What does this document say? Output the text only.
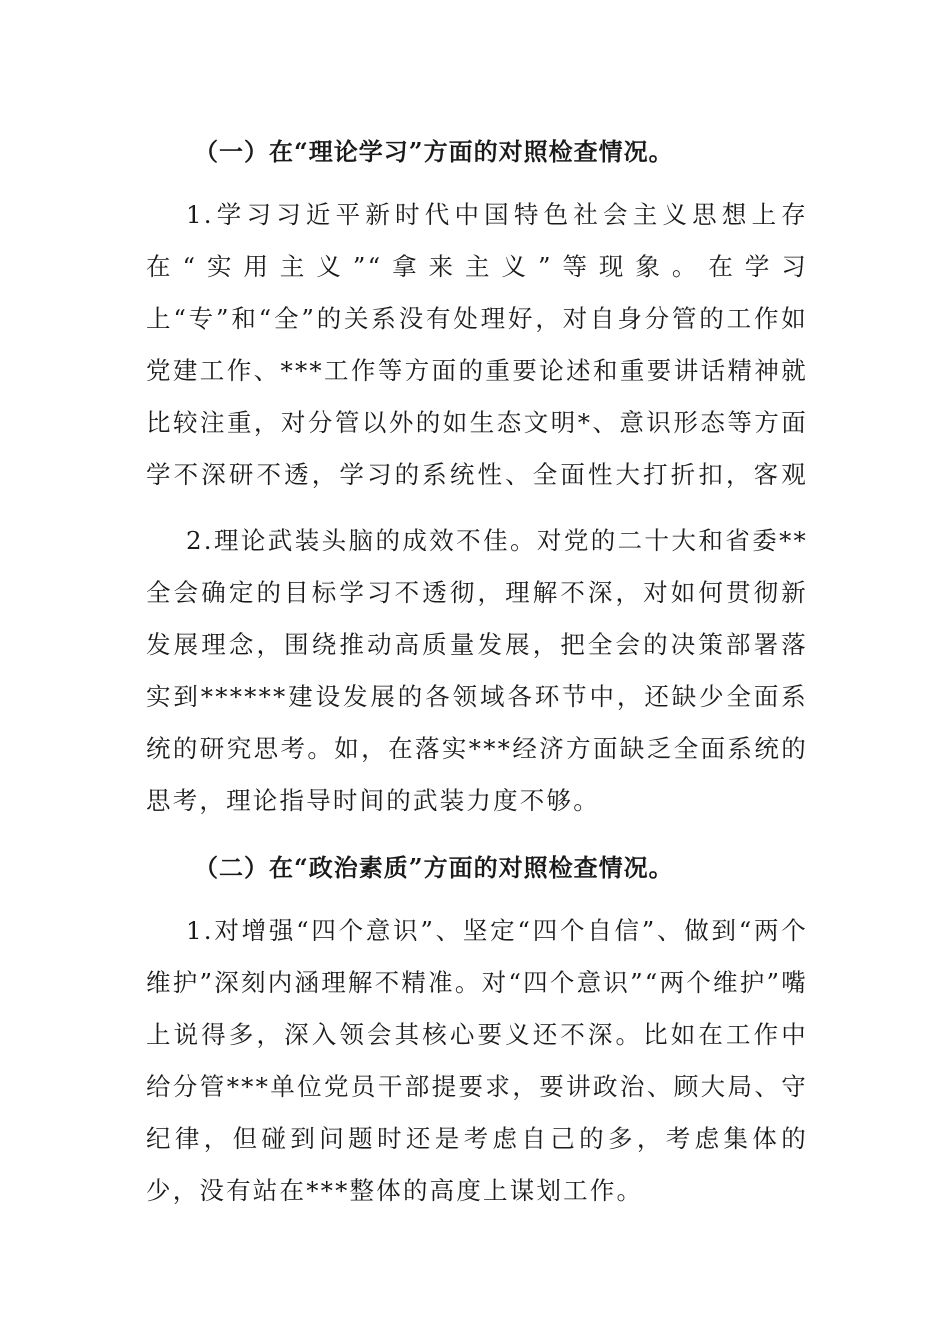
（一）在“理论学习”方面的对照检查情况。

1.学习习近平新时代中国特色社会主义思想上存在“实用主义”“拿来主义”等现象。在学习上“专”和“全”的关系没有处理好，对自身分管的工作如党建工作、***工作等方面的重要论述和重要讲话精神就比较注重，对分管以外的如生态文明*、意识形态等方面学不深研不透，学习的系统性、全面性大打折扣，客观

2.理论武装头脑的成效不佳。对党的二十大和省委**全会确定的目标学习不透彻，理解不深，对如何贯彻新发展理念，围绕推动高质量发展，把全会的决策部署落实到******建设发展的各领域各环节中，还缺少全面系统的研究思考。如，在落实***经济方面缺乏全面系统的思考，理论指导时间的武装力度不够。

（二）在“政治素质”方面的对照检查情况。

1.对增强“四个意识”、坚定“四个自信”、做到“两个维护”深刻内涵理解不精准。对“四个意识”“两个维护”嘴上说得多，深入领会其核心要义还不深。比如在工作中给分管***单位党员干部提要求，要讲政治、顾大局、守纪律，但碰到问题时还是考虑自己的多，考虑集体的少，没有站在***整体的高度上谋划工作。
